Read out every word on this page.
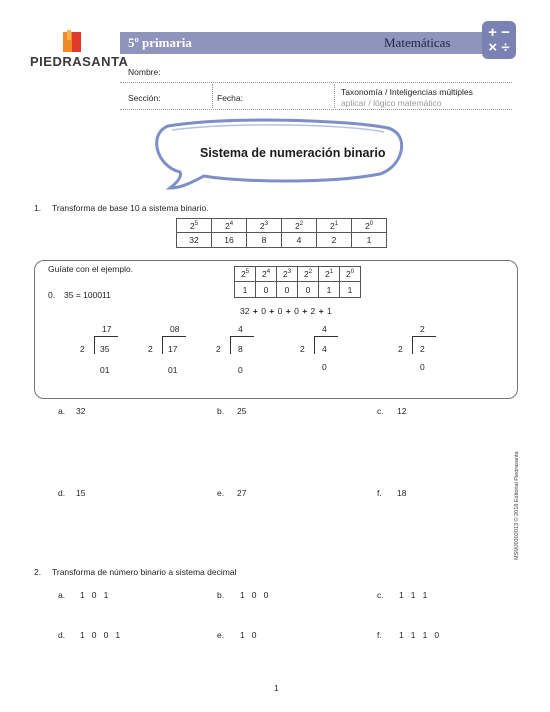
PIEDRASANTA
5º primaria	Matemáticas
+ −
× ÷
Nombre:
Sección:	Fecha:
Taxonomía / Inteligencias múltiples
aplicar / lógico matemático
Sistema de numeración binario
1. Transforma de base 10 a sistema binario.
$2^5$	$2^4$	$2^3$	$2^2$	$2^1$	$2^0$
32	16	8	4	2	1
Guíate con el ejemplo.
0. 35 = 100011
$2^5$	$2^4$	$2^3$	$2^2$	$2^1$	$2^0$
1	0	0	0	1	1
32 + 0 + 0 + 0 + 2 + 1
17
2 35
01
08
2 17
01
4
2 8
0
4
2 4
0
2
2 2
0
a. 32	b. 25	c. 12
d. 15	e. 27	f. 18
2. Transforma de número binario a sistema decimal
a. 1   0   1	b. 1   0   0	c. 1   1   1
d. 1   0   0   1	e. 1   0	f. 1   1   1   0
1
MSMJ0302013 © 2018 Editorial Piedrasanta
